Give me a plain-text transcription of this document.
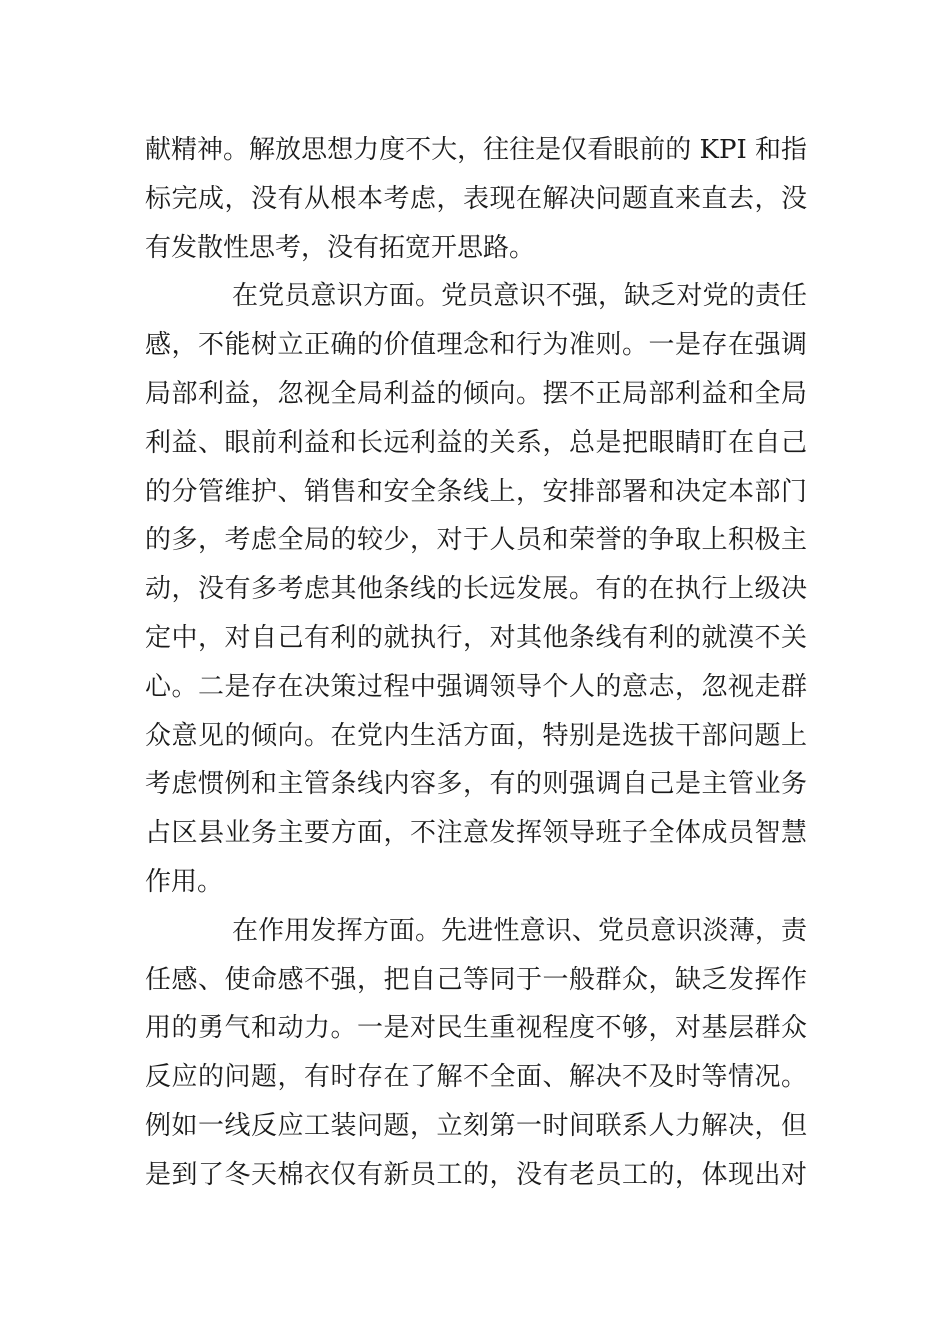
献精神。解放思想力度不大，往往是仅看眼前的 KPI 和指
标完成，没有从根本考虑，表现在解决问题直来直去，没
有发散性思考，没有拓宽开思路。
在党员意识方面。党员意识不强，缺乏对党的责任
感，不能树立正确的价值理念和行为准则。一是存在强调
局部利益，忽视全局利益的倾向。摆不正局部利益和全局
利益、眼前利益和长远利益的关系，总是把眼睛盯在自己
的分管维护、销售和安全条线上，安排部署和决定本部门
的多，考虑全局的较少，对于人员和荣誉的争取上积极主
动，没有多考虑其他条线的长远发展。有的在执行上级决
定中，对自己有利的就执行，对其他条线有利的就漠不关
心。二是存在决策过程中强调领导个人的意志，忽视走群
众意见的倾向。在党内生活方面，特别是选拔干部问题上
考虑惯例和主管条线内容多，有的则强调自己是主管业务
占区县业务主要方面，不注意发挥领导班子全体成员智慧
作用。
在作用发挥方面。先进性意识、党员意识淡薄，责
任感、使命感不强，把自己等同于一般群众，缺乏发挥作
用的勇气和动力。一是对民生重视程度不够，对基层群众
反应的问题，有时存在了解不全面、解决不及时等情况。
例如一线反应工装问题，立刻第一时间联系人力解决，但
是到了冬天棉衣仅有新员工的，没有老员工的，体现出对
